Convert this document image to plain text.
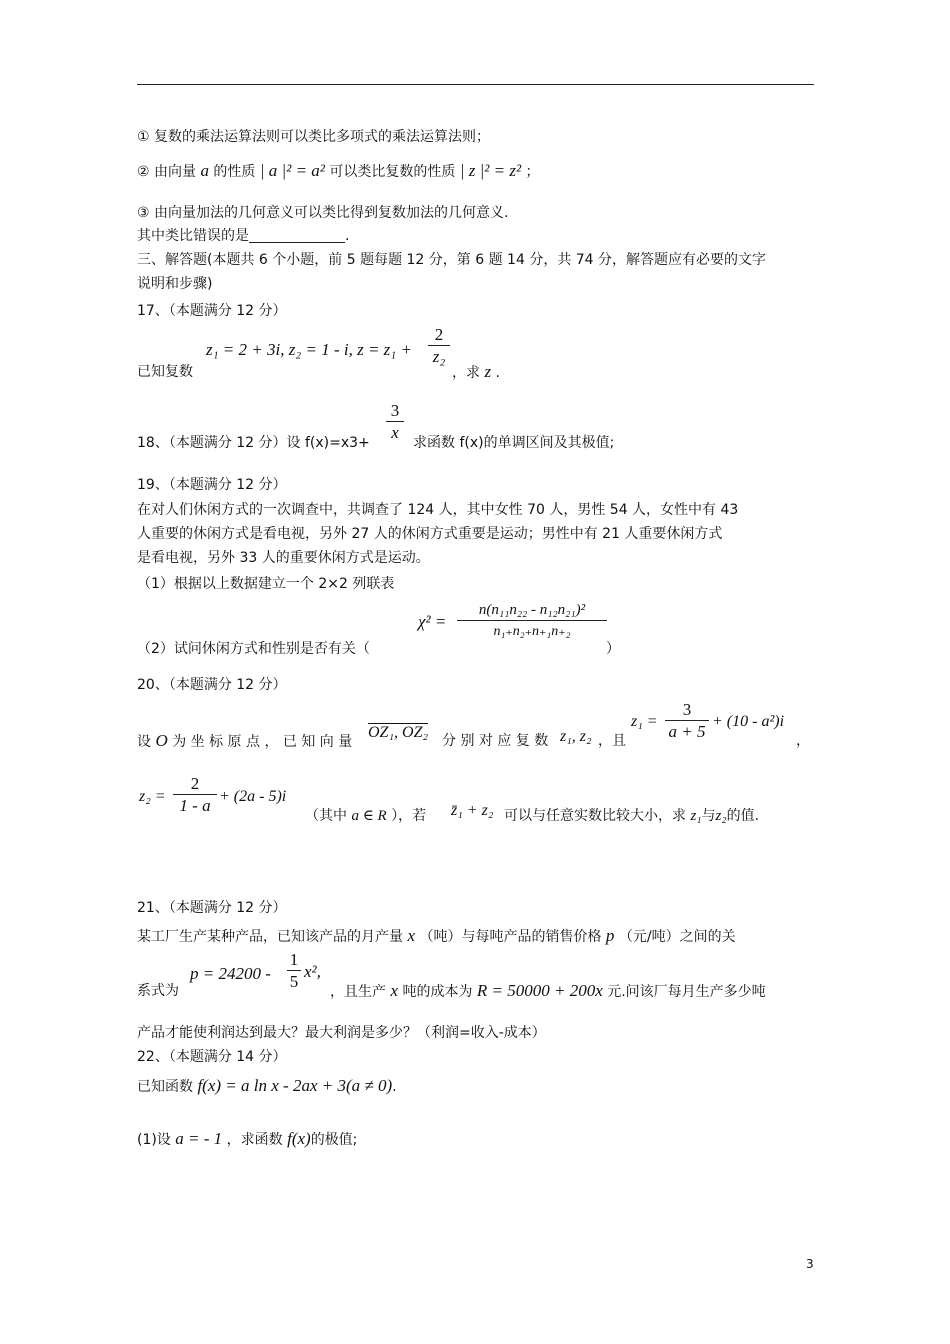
① 复数的乘法运算法则可以类比多项式的乘法运算法则；
② 由向量 a 的性质 | a |² = a² 可以类比复数的性质 | z |² = z² ；
③ 由向量加法的几何意义可以类比得到复数加法的几何意义.
其中类比错误的是	.
三、解答题(本题共 6 个小题，前 5 题每题 12 分，第 6 题 14 分，共 74 分，解答题应有必要的文字
说明和步骤)
17、（本题满分 12 分）
z₁ = 2 + 3i, z₂ = 1 - i, $z = z_1 + \frac{2}{\text{z₂}}$
已知复数	，求 z .
$\frac{3}{x}$
18、（本题满分 12 分）设 f(x)=x3+	求函数 f(x)的单调区间及其极值;
19、（本题满分 12 分）
在对人们休闲方式的一次调查中，共调查了 124 人，其中女性 70 人，男性 54 人，女性中有 43
人重要的休闲方式是看电视，另外 27 人的休闲方式重要是运动；男性中有 21 人重要休闲方式
是看电视，另外 33 人的重要休闲方式是运动。
（1）根据以上数据建立一个 2×2 列联表
$\chi^2 = \frac{\text{n(n₁₁n₂₂ - n₁₂n₂₁)²}}{\text{n₁₊n₂₊n₊₁n₊₂}}$
（2）试问休闲方式和性别是否有关（	）
20、（本题满分 12 分）
设 O 为 坐 标 原 点 ， 已 知 向 量
OZ₁, OZ₂ 分 别 对 应 复 数 z₁, z₂ ，且
$z_1 = \frac{3}{a + 5} + (10 - a^2)i$
，
$z_2 = \frac{2}{1 - a} + (2a - 5)i$
（其中 a ∈ R ），若 z̄₁ + z₂ 可以与任意实数比较大小，求 z₁与z₂的值.
21、（本题满分 12 分）
某工厂生产某种产品，已知该产品的月产量 x （吨）与每吨产品的销售价格 p （元/吨）之间的关
$p = 24200 - \frac{1}{5} x^2$,
系式为	，且生产 x 吨的成本为 R = 50000 + 200x 元.问该厂每月生产多少吨
产品才能使利润达到最大？最大利润是多少？（利润=收入-成本）
22、（本题满分 14 分）
已知函数 f(x) = a ln x - 2ax + 3(a ≠ 0).
(1)设 a = - 1 ，求函数 f(x)的极值;
3
